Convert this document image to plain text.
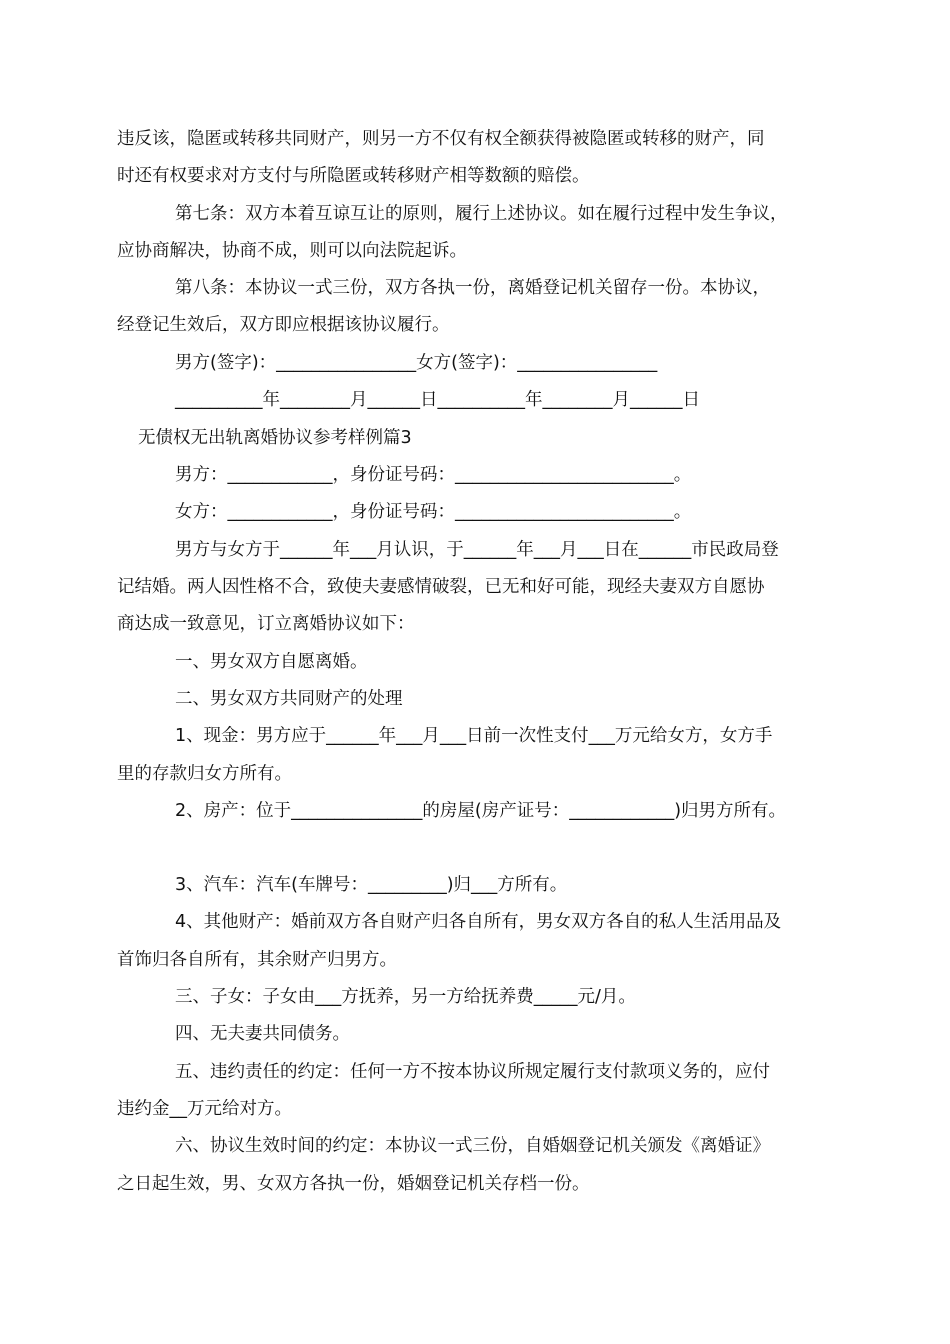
违反该，隐匿或转移共同财产，则另一方不仅有权全额获得被隐匿或转移的财产，同
时还有权要求对方支付与所隐匿或转移财产相等数额的赔偿。
第七条：双方本着互谅互让的原则，履行上述协议。如在履行过程中发生争议，
应协商解决，协商不成，则可以向法院起诉。
第八条：本协议一式三份，双方各执一份，离婚登记机关留存一份。本协议，
经登记生效后，双方即应根据该协议履行。
男方(签字)：________________女方(签字)：________________
__________年________月______日__________年________月______日
无债权无出轨离婚协议参考样例篇3
男方：____________，身份证号码：_________________________。
女方：____________，身份证号码：_________________________。
男方与女方于______年___月认识，于______年___月___日在______市民政局登
记结婚。两人因性格不合，致使夫妻感情破裂，已无和好可能，现经夫妻双方自愿协
商达成一致意见，订立离婚协议如下：
一、男女双方自愿离婚。
二、男女双方共同财产的处理
1、现金：男方应于______年___月___日前一次性支付___万元给女方，女方手
里的存款归女方所有。
2、房产：位于_______________的房屋(房产证号：____________)归男方所有。
3、汽车：汽车(车牌号：_________)归___方所有。
4、其他财产：婚前双方各自财产归各自所有，男女双方各自的私人生活用品及
首饰归各自所有，其余财产归男方。
三、子女：子女由___方抚养，另一方给抚养费_____元/月。
四、无夫妻共同债务。
五、违约责任的约定：任何一方不按本协议所规定履行支付款项义务的，应付
违约金__万元给对方。
六、协议生效时间的约定：本协议一式三份，自婚姻登记机关颁发《离婚证》
之日起生效，男、女双方各执一份，婚姻登记机关存档一份。
